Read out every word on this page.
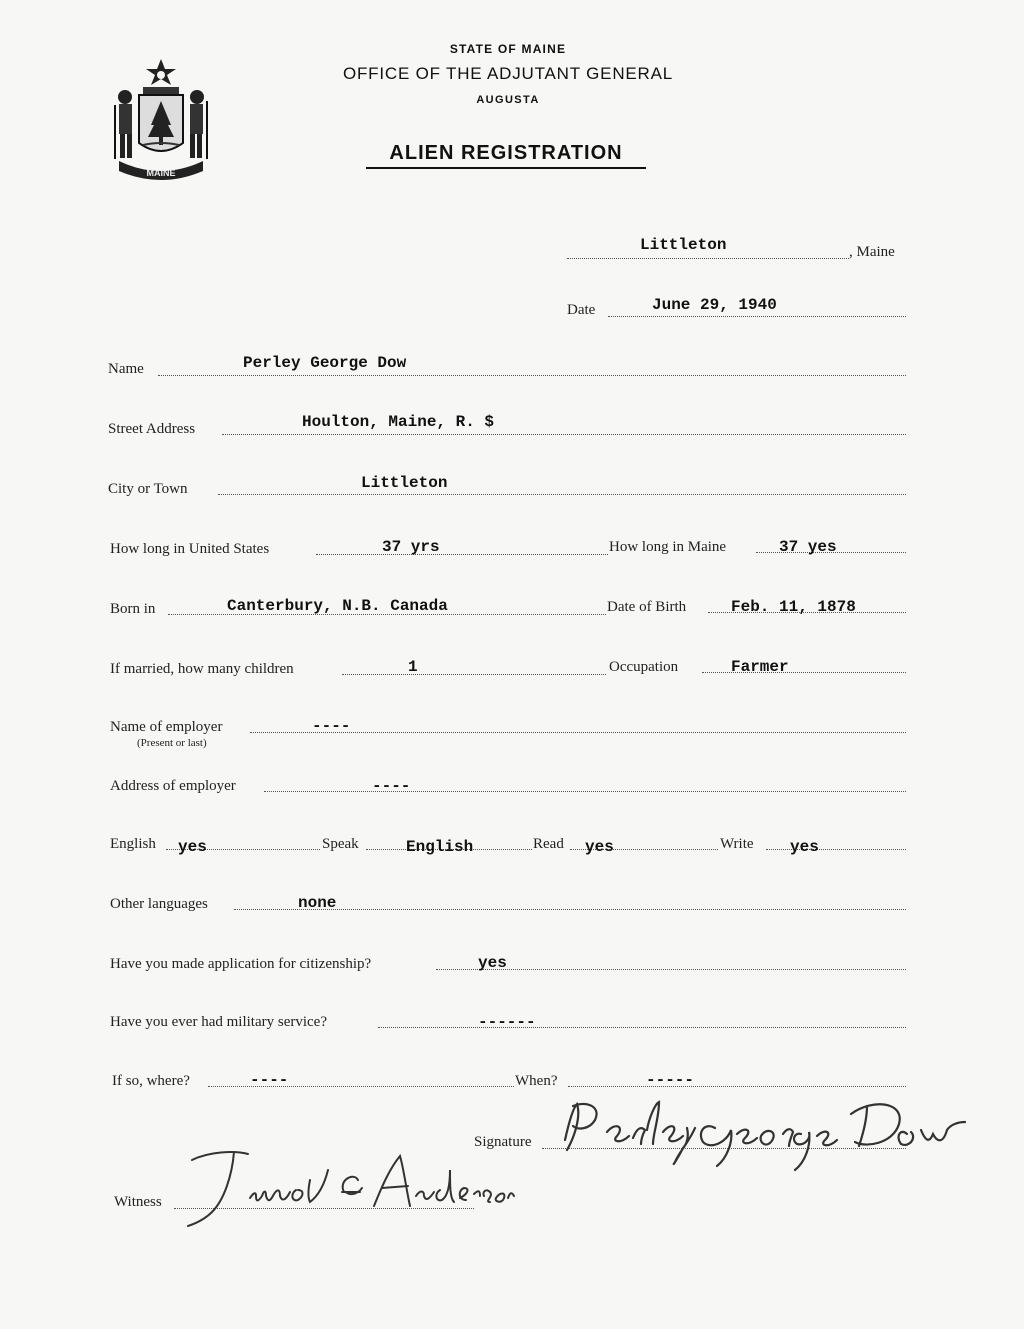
MAINE
STATE OF MAINE
OFFICE OF THE ADJUTANT GENERAL
AUGUSTA
ALIEN REGISTRATION
Littleton	, Maine
Date	June 29, 1940
Name	Perley George Dow
Street Address	Houlton, Maine, R. $
City or Town	Littleton
How long in United States	37 yrs	How long in Maine	37 yes
Born in	Canterbury, N.B. Canada	Date of Birth	Feb. 11, 1878
If married, how many children	1	Occupation	Farmer
Name of employer
(Present or last)
----
Address of employer	----
English yes	Speak	English	Read yes	Write yes
Other languages	none
Have you made application for citizenship?	yes
Have you ever had military service?	------
If so, where?	----	When?	-----
Signature
Witness
